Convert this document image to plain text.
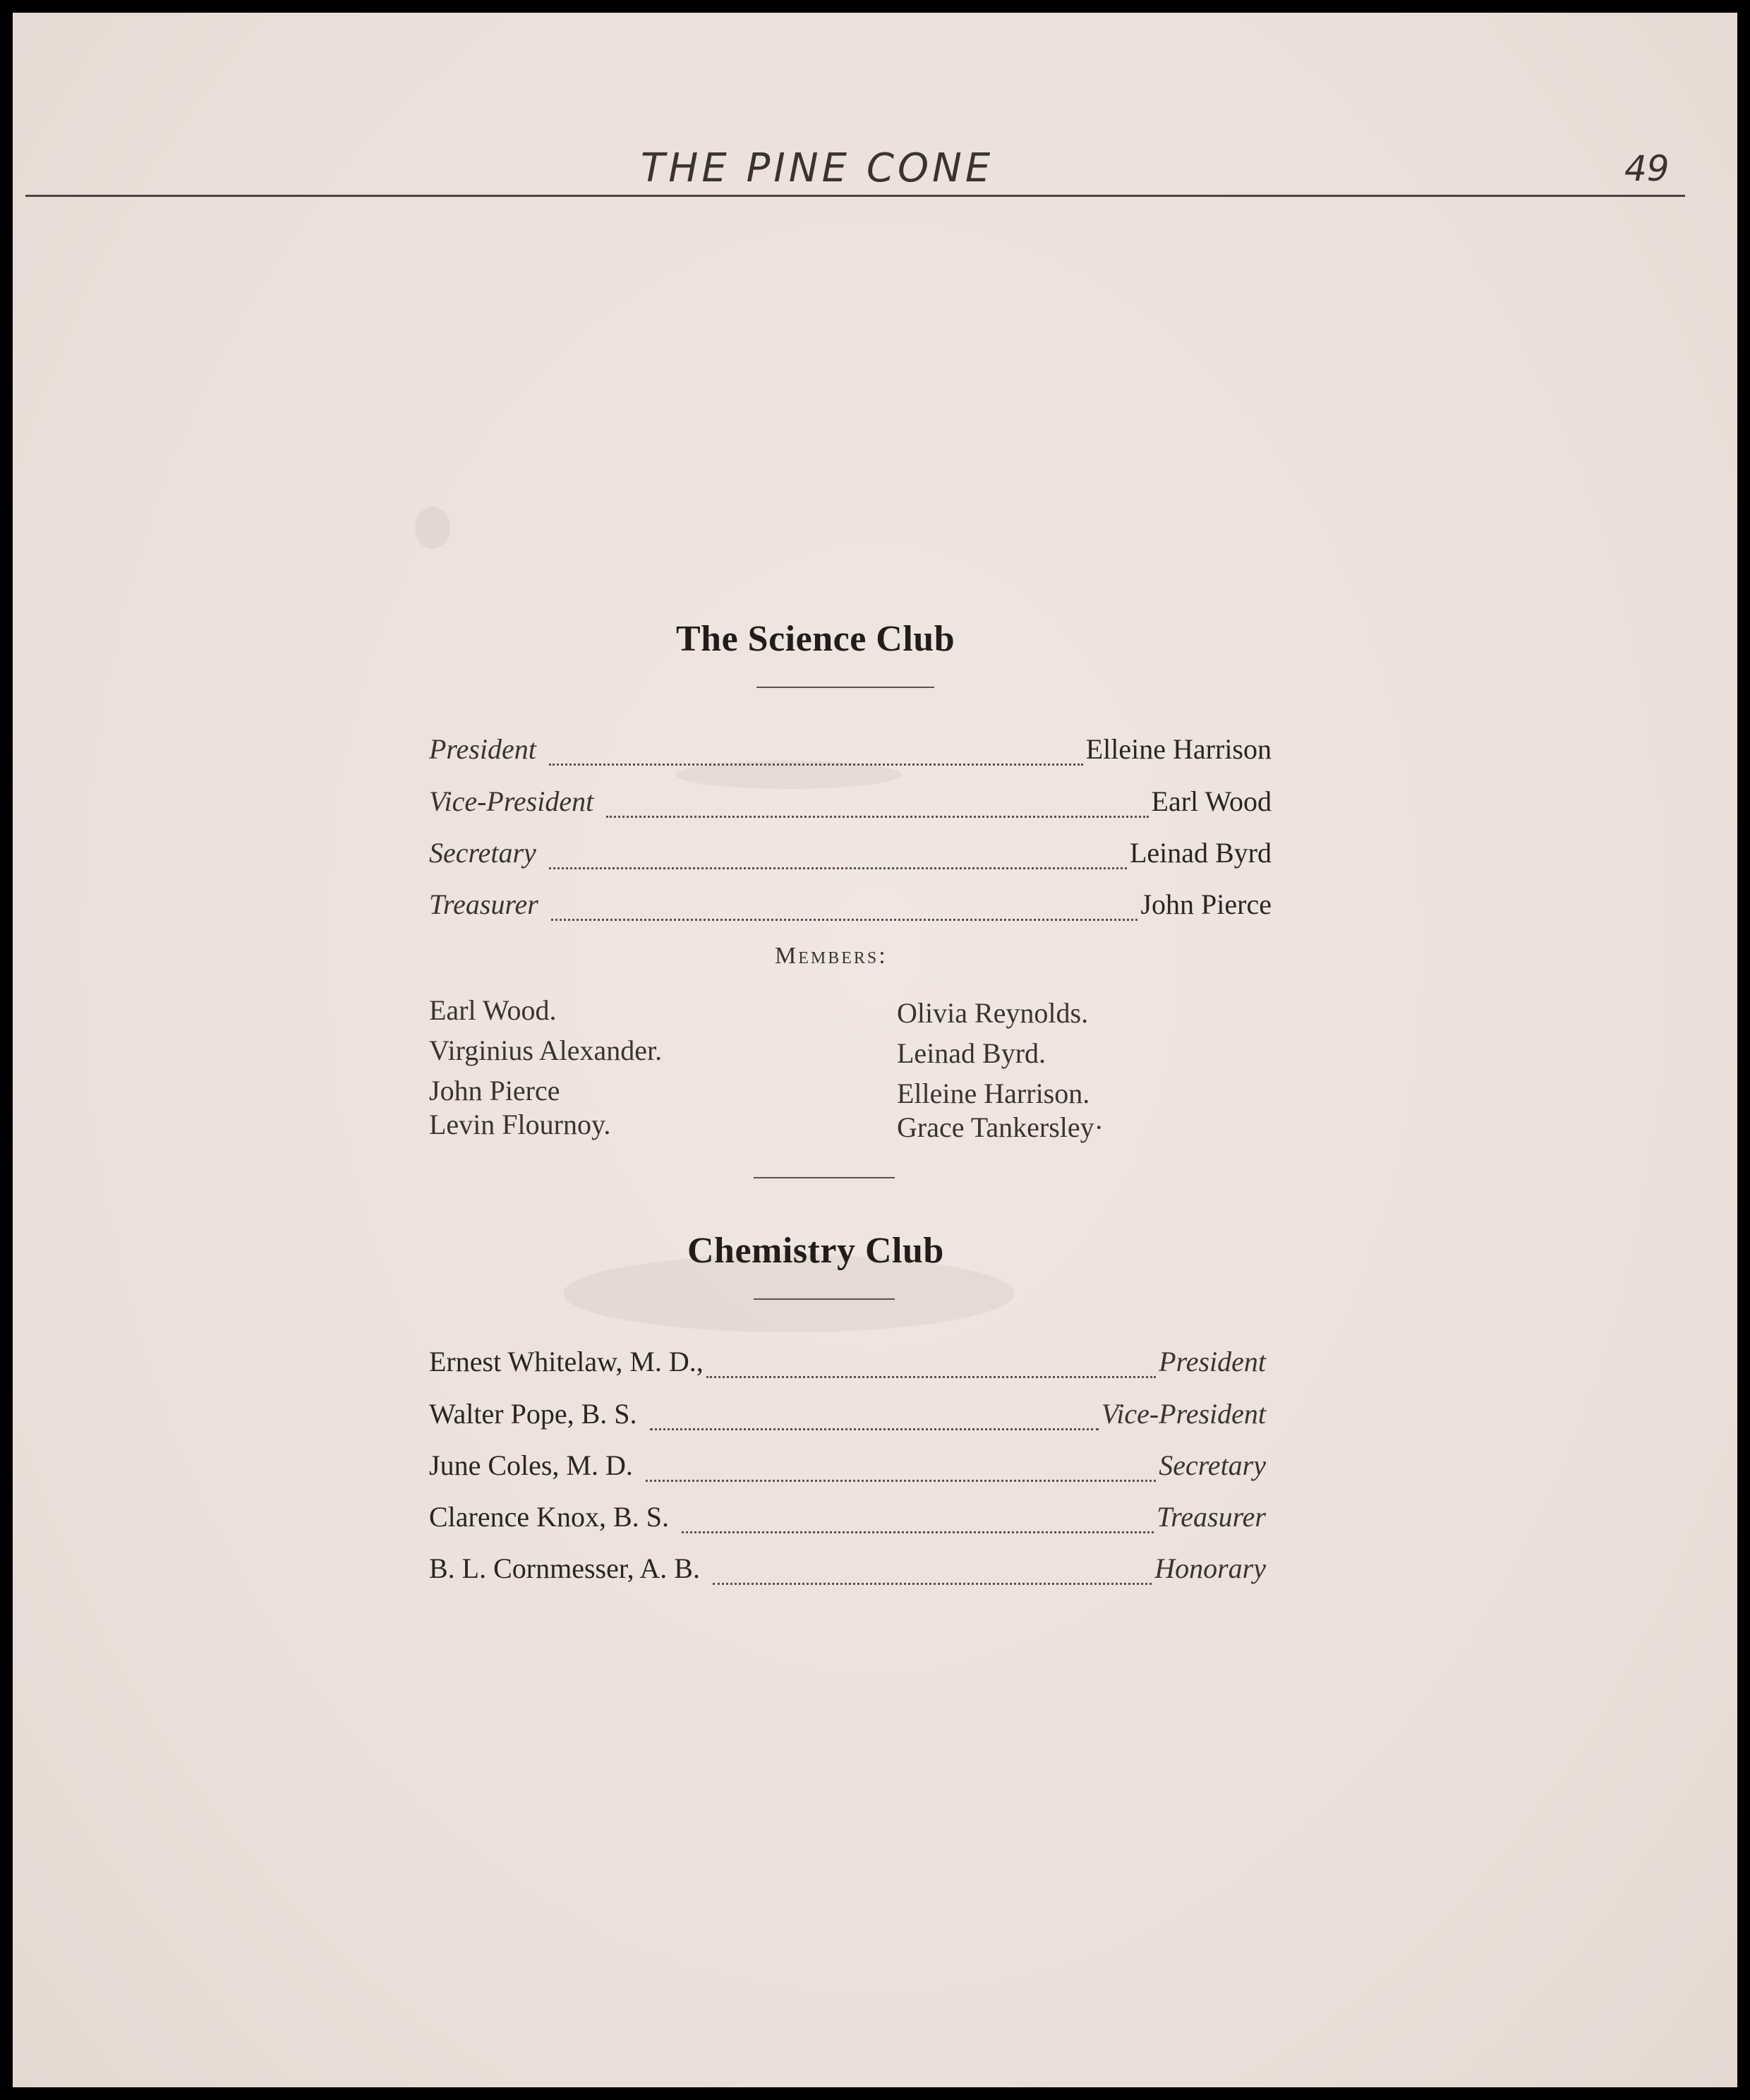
THE PINE CONE	49
The Science Club
President	Elleine Harrison
Vice-President	Earl Wood
Secretary	Leinad Byrd
Treasurer	John Pierce
Members:
Earl Wood.
Virginius Alexander.
John Pierce
Levin Flournoy.
Olivia Reynolds.
Leinad Byrd.
Elleine Harrison.
Grace Tankersley·
Chemistry Club
Ernest Whitelaw, M. D.,	President
Walter Pope, B. S.	Vice-President
June Coles, M. D.	Secretary
Clarence Knox, B. S.	Treasurer
B. L. Cornmesser, A. B.	Honorary
